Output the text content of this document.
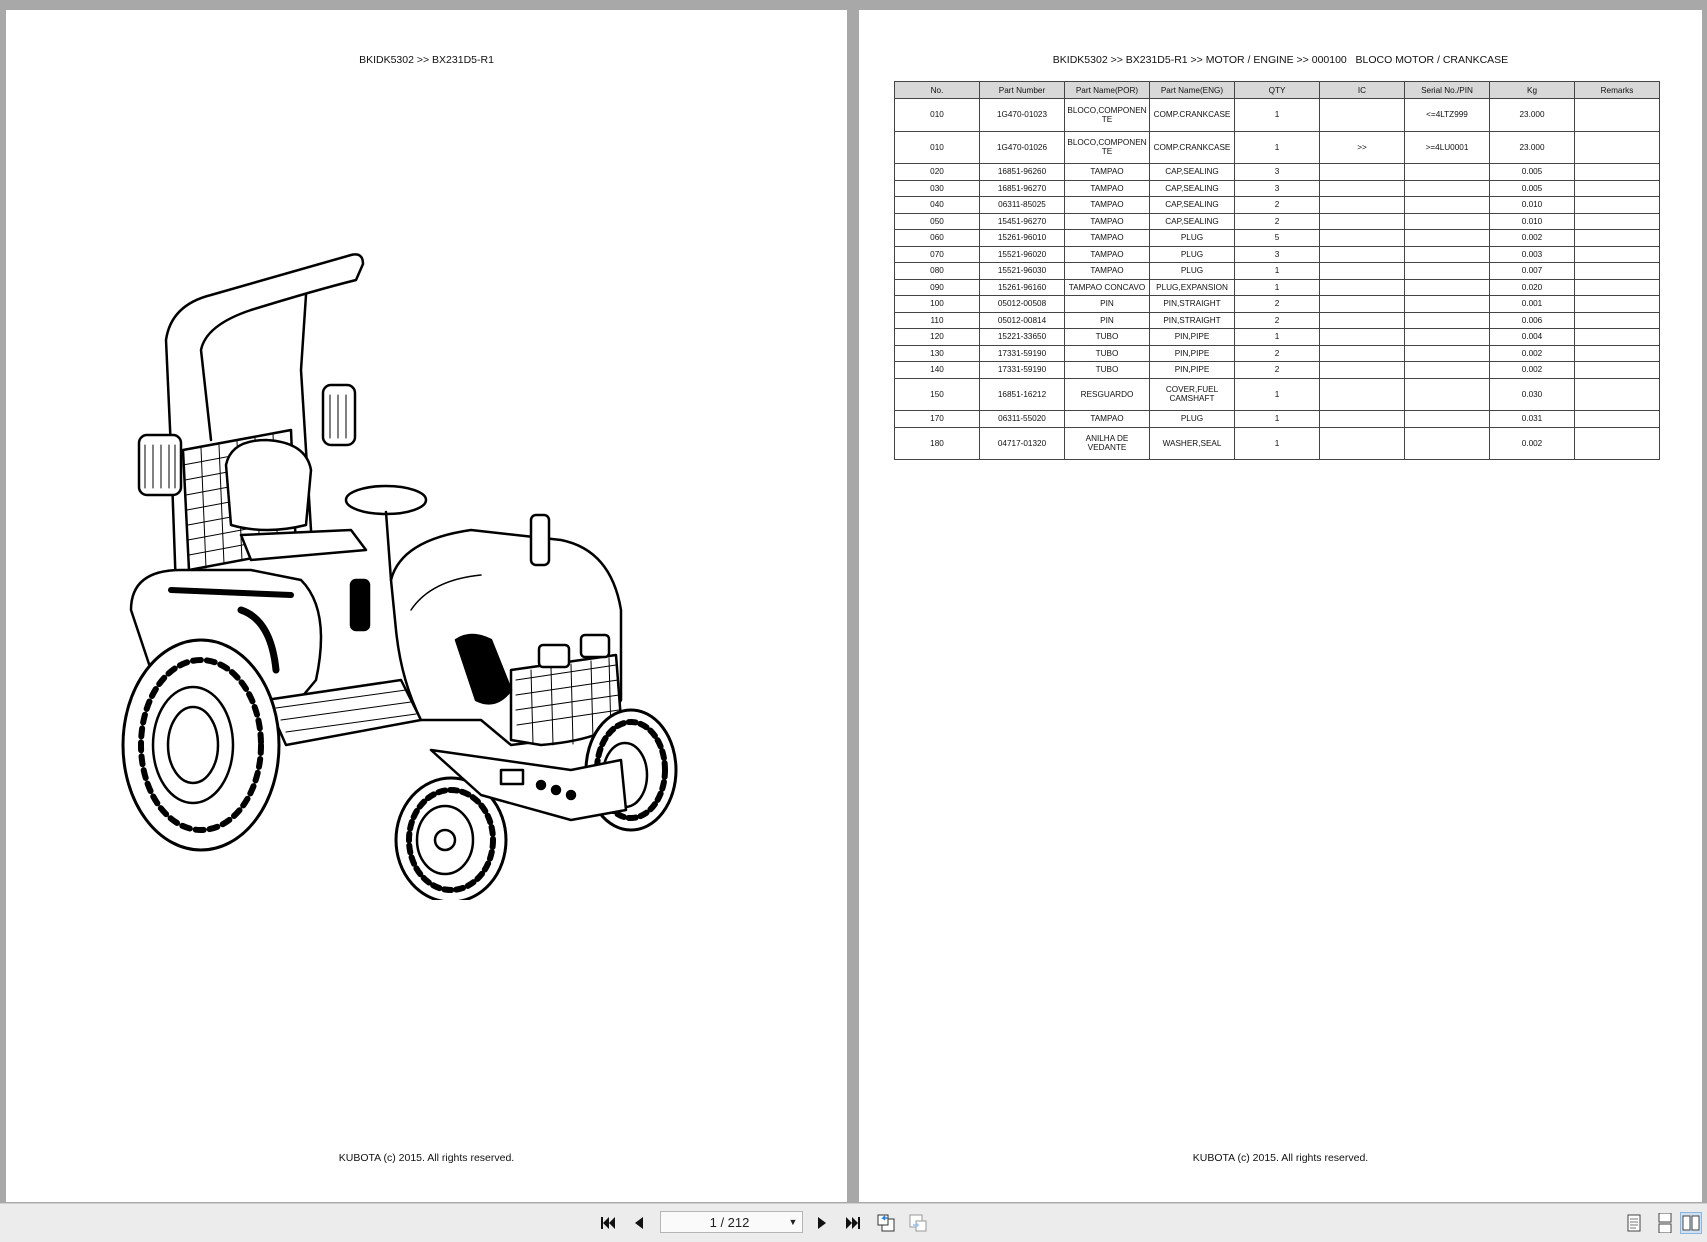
BKIDK5302 >> BX231D5-R1
KUBOTA (c) 2015. All rights reserved.
BKIDK5302 >> BX231D5-R1 >> MOTOR / ENGINE >> 000100   BLOCO MOTOR / CRANKCASE
No.	Part Number	Part Name(POR)	Part Name(ENG)	QTY	IC	Serial No./PIN	Kg	Remarks
010	1G470-01023	BLOCO,COMPONEN TE	COMP.CRANKCASE	1		<=4LTZ999	23.000	
010	1G470-01026	BLOCO,COMPONEN TE	COMP.CRANKCASE	1	>>	>=4LU0001	23.000	
020	16851-96260	TAMPAO	CAP,SEALING	3			0.005	
030	16851-96270	TAMPAO	CAP,SEALING	3			0.005	
040	06311-85025	TAMPAO	CAP,SEALING	2			0.010	
050	15451-96270	TAMPAO	CAP,SEALING	2			0.010	
060	15261-96010	TAMPAO	PLUG	5			0.002	
070	15521-96020	TAMPAO	PLUG	3			0.003	
080	15521-96030	TAMPAO	PLUG	1			0.007	
090	15261-96160	TAMPAO CONCAVO	PLUG,EXPANSION	1			0.020	
100	05012-00508	PIN	PIN,STRAIGHT	2			0.001	
110	05012-00814	PIN	PIN,STRAIGHT	2			0.006	
120	15221-33650	TUBO	PIN,PIPE	1			0.004	
130	17331-59190	TUBO	PIN,PIPE	2			0.002	
140	17331-59190	TUBO	PIN,PIPE	2			0.002	
150	16851-16212	RESGUARDO	COVER,FUEL CAMSHAFT	1			0.030	
170	06311-55020	TAMPAO	PLUG	1			0.031	
180	04717-01320	ANILHA DE VEDANTE	WASHER,SEAL	1			0.002	
KUBOTA (c) 2015. All rights reserved.
1 / 212	▼
